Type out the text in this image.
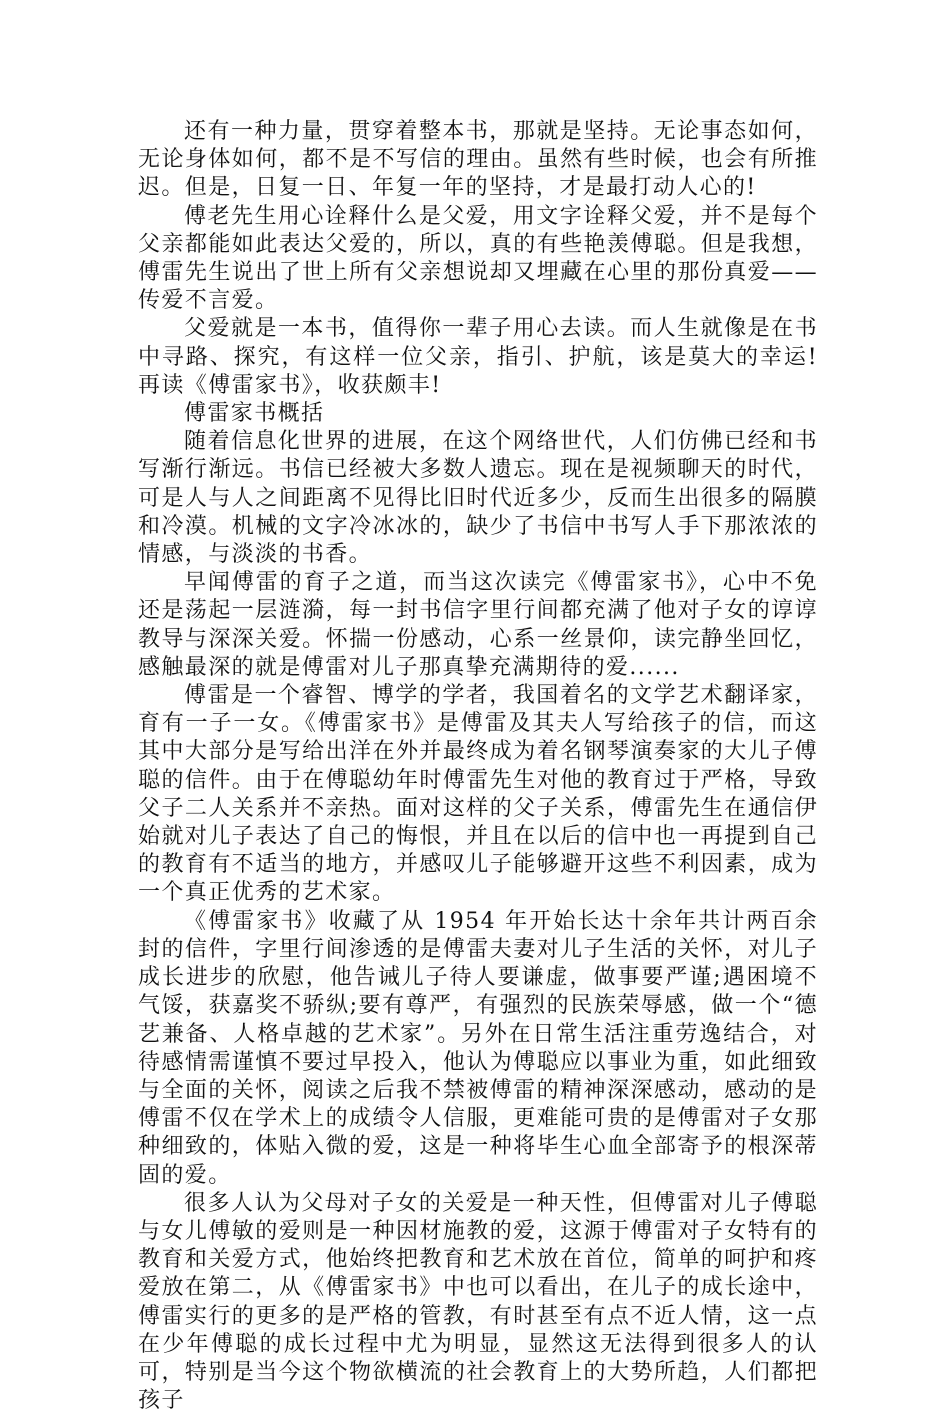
还有一种力量，贯穿着整本书，那就是坚持。无论事态如何，无论身体如何，都不是不写信的理由。虽然有些时候，也会有所推迟。但是，日复一日、年复一年的坚持，才是最打动人心的!

傅老先生用心诠释什么是父爱，用文字诠释父爱，并不是每个父亲都能如此表达父爱的，所以，真的有些艳羡傅聪。但是我想，傅雷先生说出了世上所有父亲想说却又埋藏在心里的那份真爱——传爱不言爱。

父爱就是一本书，值得你一辈子用心去读。而人生就像是在书中寻路、探究，有这样一位父亲，指引、护航，该是莫大的幸运!再读《傅雷家书》，收获颇丰!

傅雷家书概括

随着信息化世界的进展，在这个网络世代，人们仿佛已经和书写渐行渐远。书信已经被大多数人遗忘。现在是视频聊天的时代，可是人与人之间距离不见得比旧时代近多少，反而生出很多的隔膜和冷漠。机械的文字冷冰冰的，缺少了书信中书写人手下那浓浓的情感，与淡淡的书香。

早闻傅雷的育子之道，而当这次读完《傅雷家书》，心中不免还是荡起一层涟漪，每一封书信字里行间都充满了他对子女的谆谆教导与深深关爱。怀揣一份感动，心系一丝景仰，读完静坐回忆，感触最深的就是傅雷对儿子那真挚充满期待的爱......

傅雷是一个睿智、博学的学者，我国着名的文学艺术翻译家，育有一子一女。《傅雷家书》是傅雷及其夫人写给孩子的信，而这其中大部分是写给出洋在外并最终成为着名钢琴演奏家的大儿子傅聪的信件。由于在傅聪幼年时傅雷先生对他的教育过于严格，导致父子二人关系并不亲热。面对这样的父子关系，傅雷先生在通信伊始就对儿子表达了自己的悔恨，并且在以后的信中也一再提到自己的教育有不适当的地方，并感叹儿子能够避开这些不利因素，成为一个真正优秀的艺术家。

《傅雷家书》收藏了从 1954 年开始长达十余年共计两百余封的信件，字里行间渗透的是傅雷夫妻对儿子生活的关怀，对儿子成长进步的欣慰，他告诫儿子待人要谦虚，做事要严谨;遇困境不气馁，获嘉奖不骄纵;要有尊严，有强烈的民族荣辱感，做一个“德艺兼备、人格卓越的艺术家”。另外在日常生活注重劳逸结合，对待感情需谨慎不要过早投入，他认为傅聪应以事业为重，如此细致与全面的关怀，阅读之后我不禁被傅雷的精神深深感动，感动的是傅雷不仅在学术上的成绩令人信服，更难能可贵的是傅雷对子女那种细致的，体贴入微的爱，这是一种将毕生心血全部寄予的根深蒂固的爱。

很多人认为父母对子女的关爱是一种天性，但傅雷对儿子傅聪与女儿傅敏的爱则是一种因材施教的爱，这源于傅雷对子女特有的教育和关爱方式，他始终把教育和艺术放在首位，简单的呵护和疼爱放在第二，从《傅雷家书》中也可以看出，在儿子的成长途中，傅雷实行的更多的是严格的管教，有时甚至有点不近人情，这一点在少年傅聪的成长过程中尤为明显，显然这无法得到很多人的认可，特别是当今这个物欲横流的社会教育上的大势所趋，人们都把孩子
